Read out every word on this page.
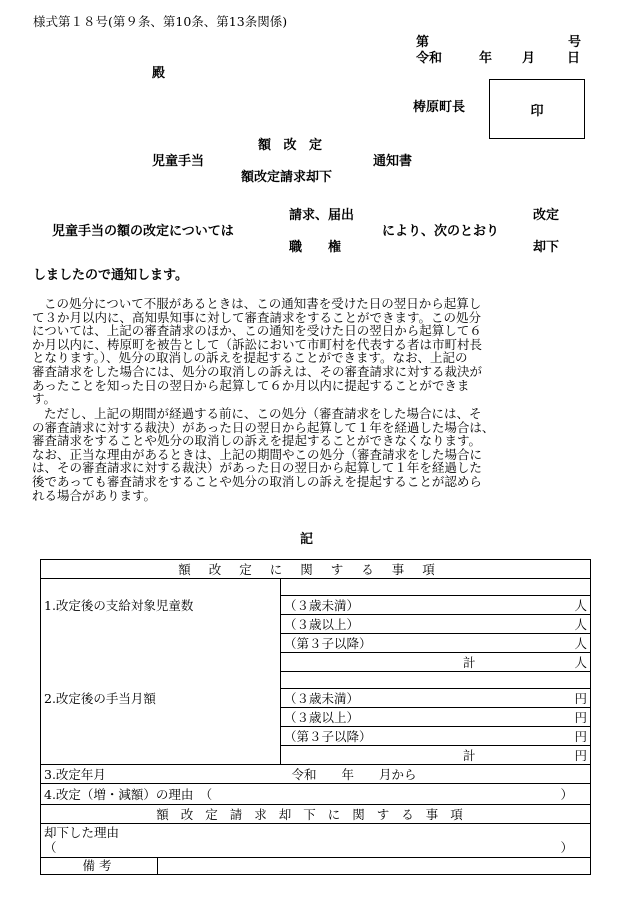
様式第１８号(第９条、第10条、第13条関係)
第	号
令和	年 月 日
殿
梼原町長	印
額 改 定
児童手当	通知書
額改定請求却下
請求、届出	改定
児童手当の額の改定については	により、次のとおり
職　　権	却下
しましたので通知します。
この処分について不服があるときは、この通知書を受けた日の翌日から起算し
て３か月以内に、高知県知事に対して審査請求をすることができます。この処分
については、上記の審査請求のほか、この通知を受けた日の翌日から起算して６
か月以内に、梼原町を被告として（訴訟において市町村を代表する者は市町村長
となります。）、処分の取消しの訴えを提起することができます。なお、上記の
審査請求をした場合には、処分の取消しの訴えは、その審査請求に対する裁決が
あったことを知った日の翌日から起算して６か月以内に提起することができま
す。
ただし、上記の期間が経過する前に、この処分（審査請求をした場合には、そ
の審査請求に対する裁決）があった日の翌日から起算して１年を経過した場合は、
審査請求をすることや処分の取消しの訴えを提起することができなくなります。
なお、正当な理由があるときは、上記の期間やこの処分（審査請求をした場合に
は、その審査請求に対する裁決）があった日の翌日から起算して１年を経過した
後であっても審査請求をすることや処分の取消しの訴えを提起することが認めら
れる場合があります。
記
額改定に関する事項	

1.改定後の支給対象児童数	（３歳未満） 人

	（３歳以上） 人

	（第３子以降） 人

	計 人

2.改定後の手当月額	（３歳未満） 円

	（３歳以上） 円

	（第３子以降） 円

	計 円

3.改定年月	令和　　年　　月から

4.改定（増・減額）の理由　（ ）	

額改定請求却下に関する事項	

却下した理由
（ ）	

備考	
